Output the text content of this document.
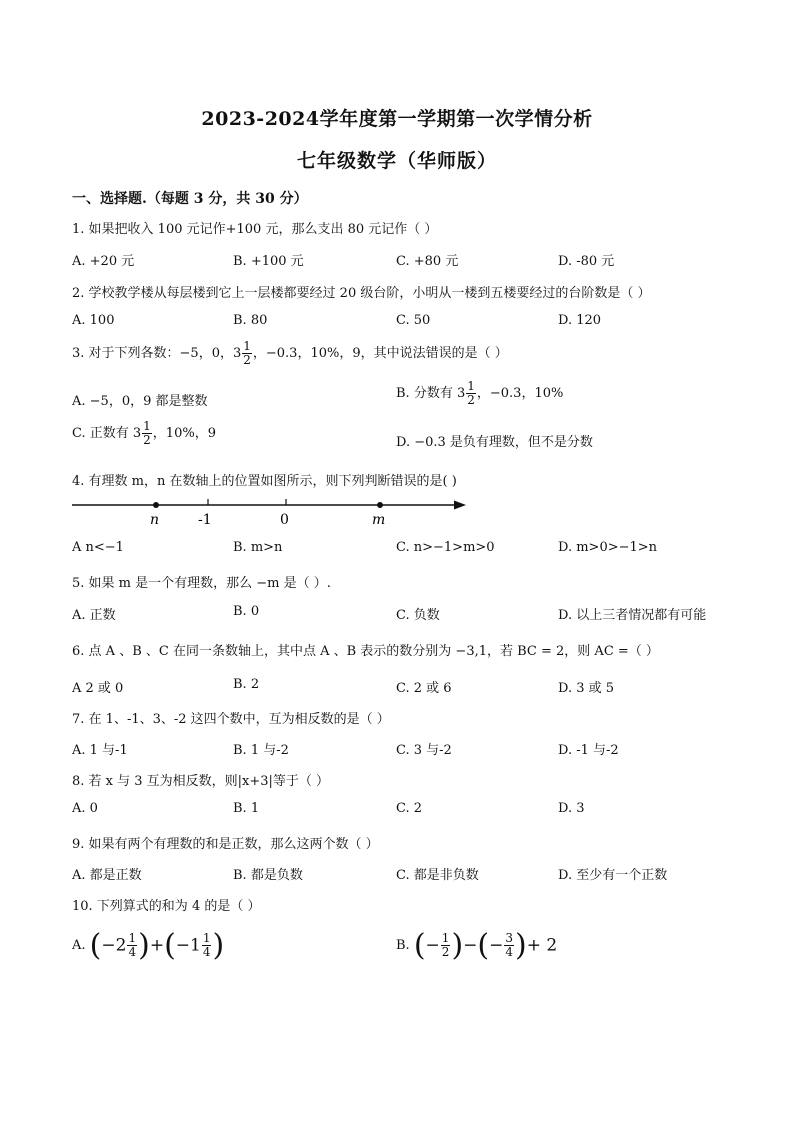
2023-2024学年度第一学期第一次学情分析
七年级数学（华师版）
一、选择题.（每题 3 分，共 30 分）
1. 如果把收入 100 元记作+100 元，那么支出 80 元记作（ ）
A. +20 元	B. +100 元	C. +80 元	D. -80 元
2. 学校教学楼从每层楼到它上一层楼都要经过 20 级台阶，小明从一楼到五楼要经过的台阶数是（ ）
A. 100	B. 80	C. 50	D. 120
3. 对于下列各数：−5，0，$3 \frac{1}{2}$ ，−0.3，10%，9，其中说法错误的是（ ）
A. −5，0，9 都是整数
B. 分数有 $3 \frac{1}{2}$ ，−0.3，10%
C. 正数有 $3 \frac{1}{2}$ ，10%，9
D. −0.3 是负有理数，但不是分数
4. 有理数 m，n 在数轴上的位置如图所示，则下列判断错误的是( )
n	-1	0	m
A n<−1	B. m>n	C. n>−1>m>0	D. m>0>−1>n
5. 如果 m 是一个有理数，那么 −m 是（ ）.
A. 正数	B. 0	C. 负数	D. 以上三者情况都有可能
6. 点 A 、B 、C 在同一条数轴上，其中点 A 、B 表示的数分别为 −3,1，若 BC = 2，则 AC =（ ）
A 2 或 0	B. 2	C. 2 或 6	D. 3 或 5
7. 在 1、-1、3、-2 这四个数中，互为相反数的是（ ）
A. 1 与-1	B. 1 与-2	C. 3 与-2	D. -1 与-2
8. 若 x 与 3 互为相反数，则|x+3|等于（ ）
A. 0	B. 1	C. 2	D. 3
9. 如果有两个有理数的和是正数，那么这两个数（ ）
A. 都是正数	B. 都是负数	C. 都是非负数	D. 至少有一个正数
10. 下列算式的和为 4 的是（ ）
A. $(-2 \frac{1}{4} )+(-1 \frac{1}{4}$ )	B. (− $\frac{1}{2}$ )−(− $\frac{3}{4}$ )+ 2
